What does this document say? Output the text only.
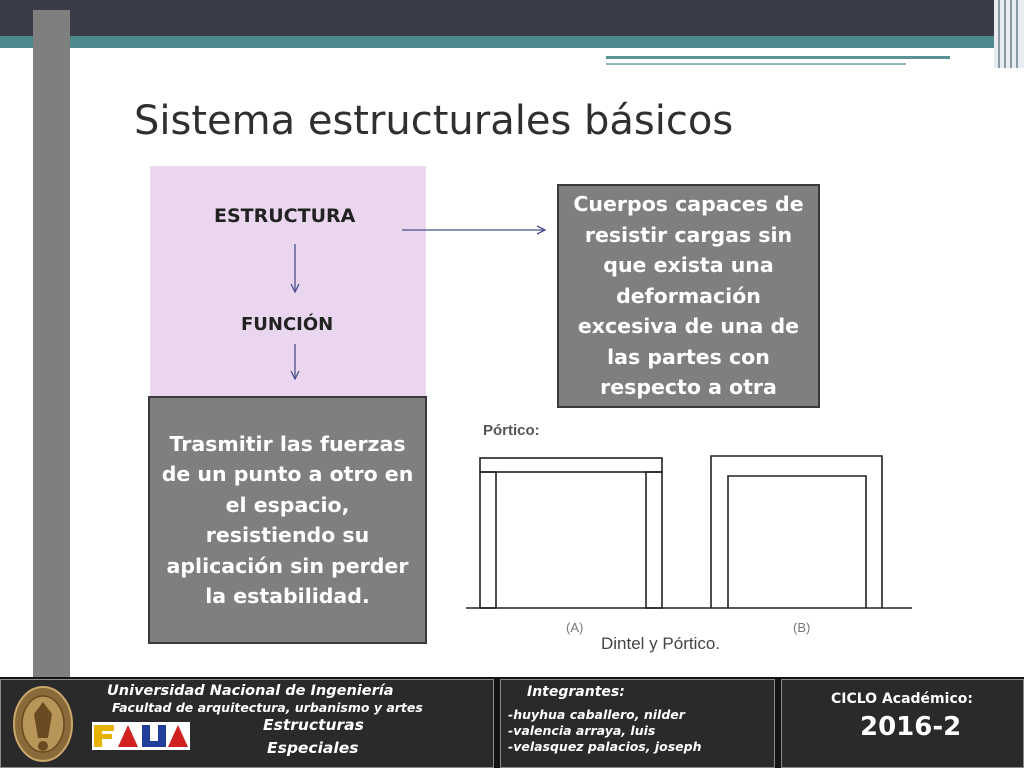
Sistema estructurales básicos
ESTRUCTURA
FUNCIÓN
Cuerpos capaces de resistir cargas sin que exista una deformación excesiva de una de las partes con respecto a otra
Trasmitir las fuerzas de un punto a otro en el espacio, resistiendo su aplicación sin perder la estabilidad.
Pórtico:
(A)	(B)
Dintel y Pórtico.
Universidad Nacional de Ingeniería
Facultad de arquitectura, urbanismo y artes
Estructuras
Especiales
Integrantes:
-huyhua caballero, nilder
-valencia arraya, luis
-velasquez palacios, joseph
CICLO Académico:
2016-2
